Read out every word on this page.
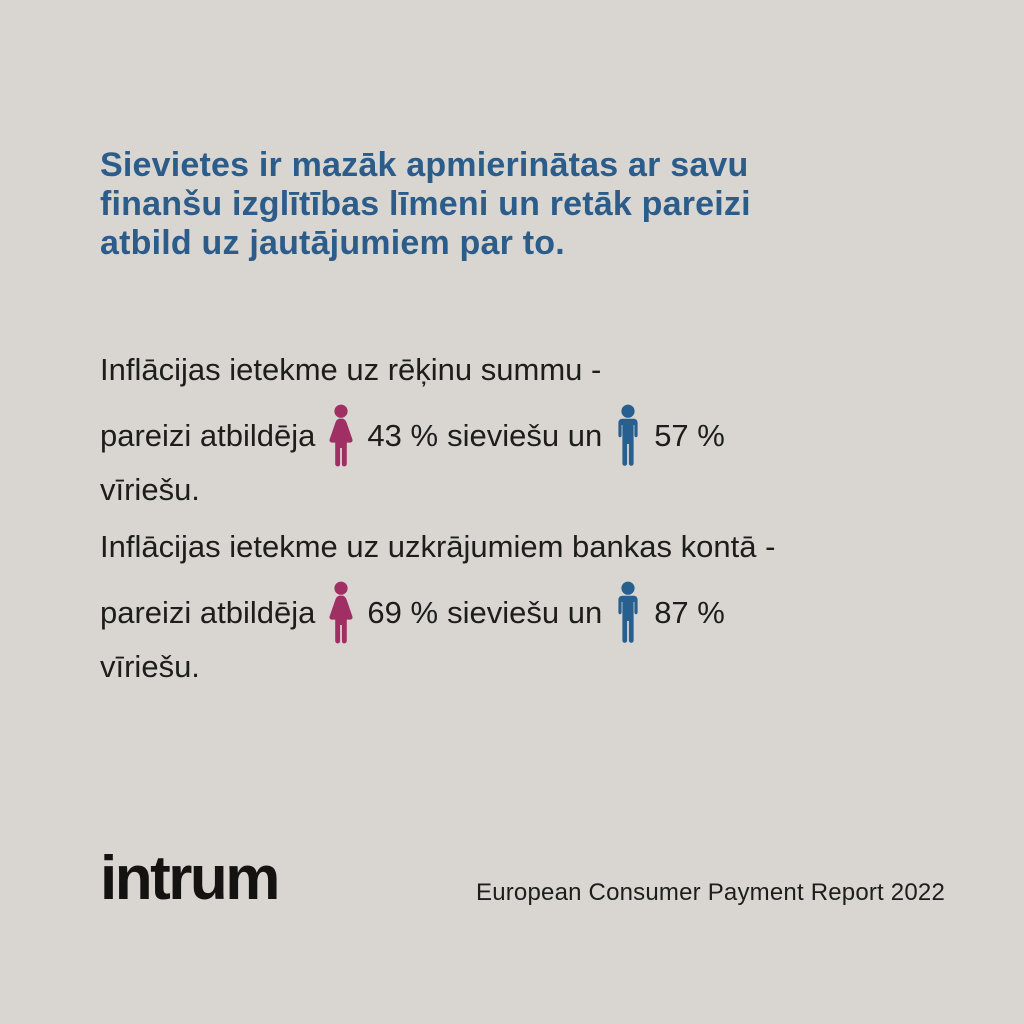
Sievietes ir mazāk apmierinātas ar savu
finanšu izglītības līmeni un retāk pareizi
atbild uz jautājumiem par to.

Inflācijas ietekme uz rēķinu summu -

pareizi atbildēja 43 % sieviešu un 57 %

vīriešu.

Inflācijas ietekme uz uzkrājumiem bankas kontā -

pareizi atbildēja 69 % sieviešu un 87 %

vīriešu.

intrum	European Consumer Payment Report 2022
